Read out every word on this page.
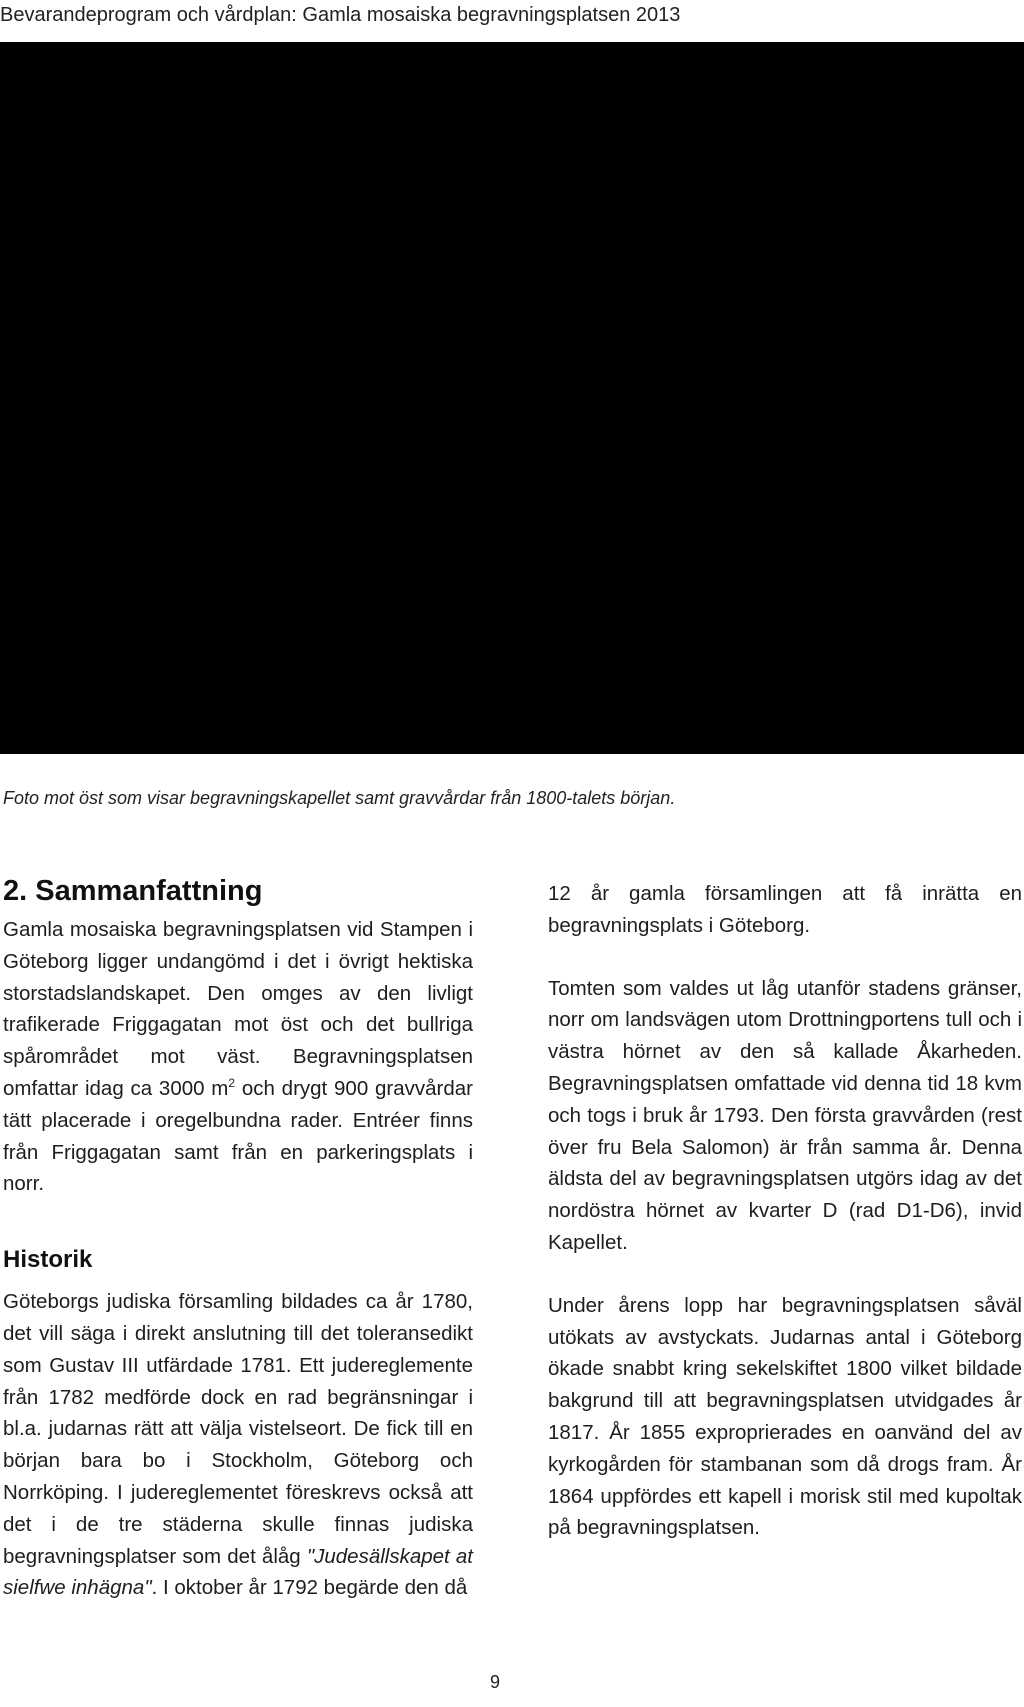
Bevarandeprogram och vårdplan: Gamla mosaiska begravningsplatsen 2013
Foto mot öst som visar begravningskapellet samt gravvårdar från 1800-talets början.
2. Sammanfattning

Gamla mosaiska begravningsplatsen vid Stampen i Göteborg ligger undangömd i det i övrigt hektiska storstadslandskapet. Den omges av den livligt trafikerade Friggagatan mot öst och det bullriga spårområdet mot väst. Begravningsplatsen omfattar idag ca 3000 $m^2$ och drygt 900 gravvårdar tätt placerade i oregelbundna rader. Entréer finns från Friggagatan samt från en parkeringsplats i norr.

Historik

Göteborgs judiska församling bildades ca år 1780, det vill säga i direkt anslutning till det toleransedikt som Gustav III utfärdade 1781. Ett judereglemente från 1782 medförde dock en rad begränsningar i bl.a. judarnas rätt att välja vistelseort. De fick till en början bara bo i Stockholm, Göteborg och Norrköping. I judereglementet föreskrevs också att det i de tre städerna skulle finnas judiska begravningsplatser som det ålåg "Judesällskapet at sielfwe inhägna". I oktober år 1792 begärde den då

12 år gamla församlingen att få inrätta en begravningsplats i Göteborg.

Tomten som valdes ut låg utanför stadens gränser, norr om landsvägen utom Drottningportens tull och i västra hörnet av den så kallade Åkarheden. Begravningsplatsen omfattade vid denna tid 18 kvm och togs i bruk år 1793. Den första gravvården (rest över fru Bela Salomon) är från samma år. Denna äldsta del av begravningsplatsen utgörs idag av det nordöstra hörnet av kvarter D (rad D1-D6), invid Kapellet.

Under årens lopp har begravningsplatsen såväl utökats av avstyckats. Judarnas antal i Göteborg ökade snabbt kring sekelskiftet 1800 vilket bildade bakgrund till att begravningsplatsen utvidgades år 1817. År 1855 exproprierades en oanvänd del av kyrkogården för stambanan som då drogs fram. År 1864 uppfördes ett kapell i morisk stil med kupoltak på begravningsplatsen.

9
